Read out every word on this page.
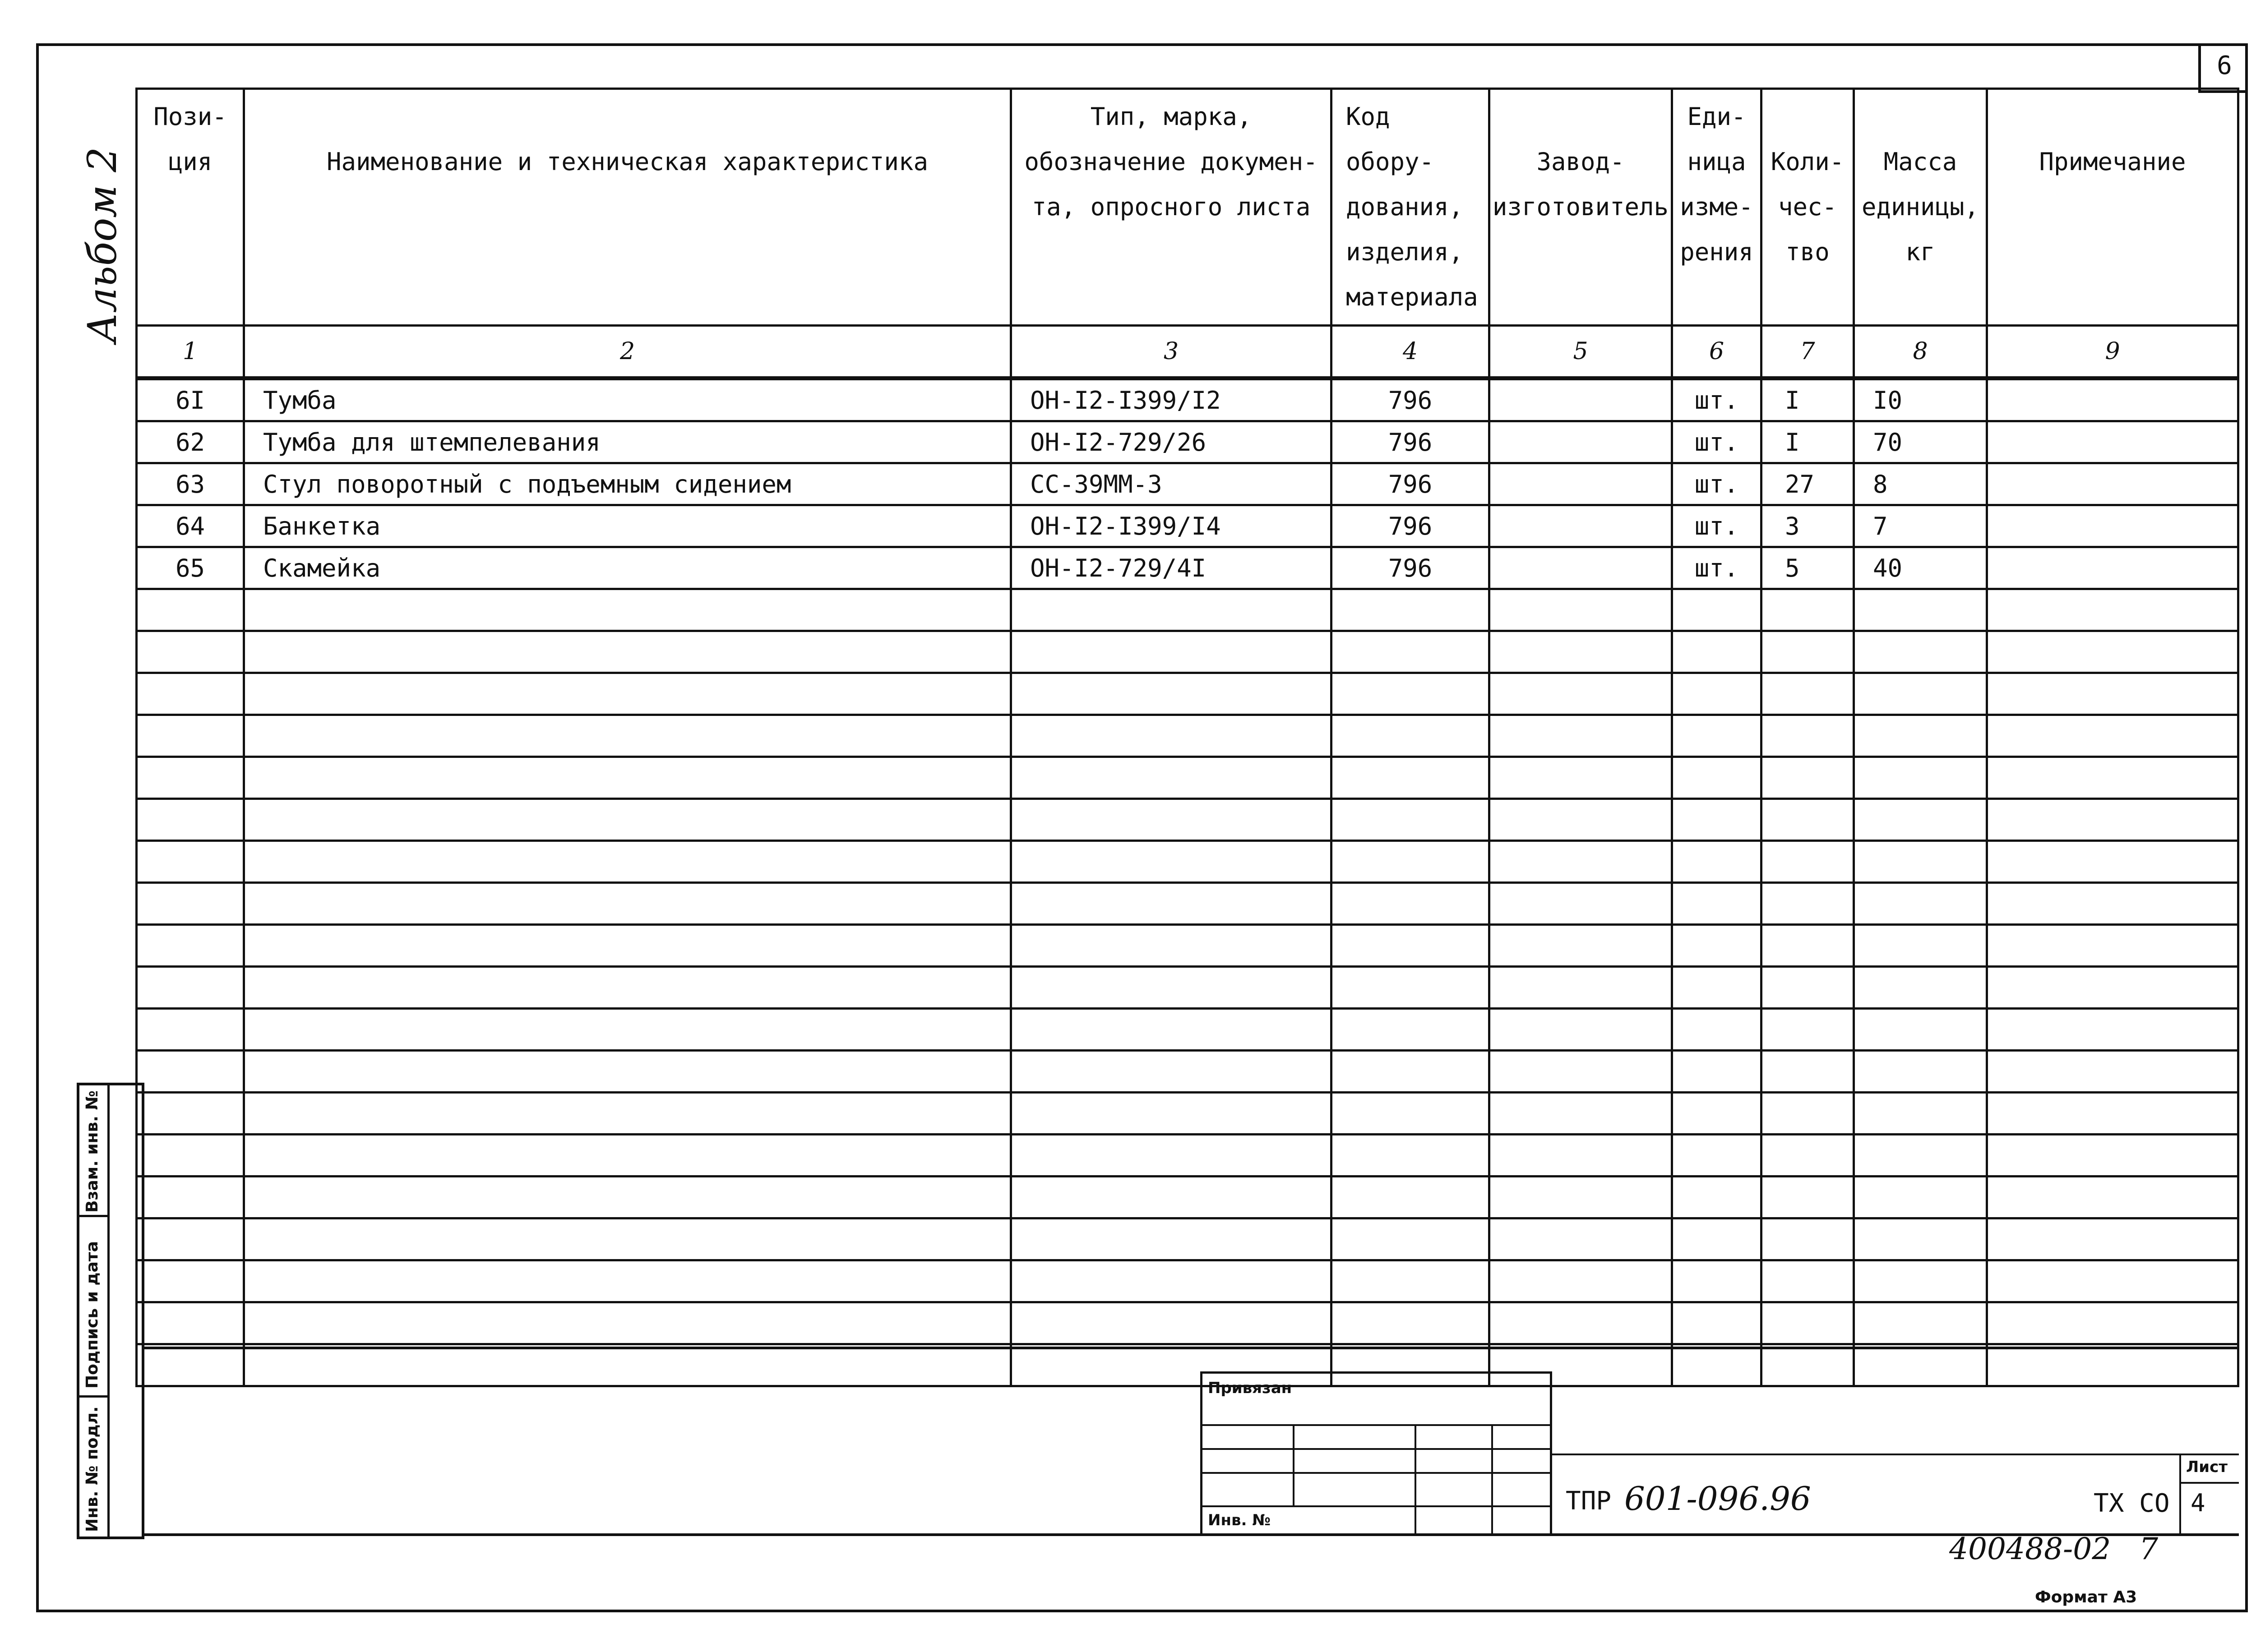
6
Альбом 2
Пози-
ция	Наименование и техническая характеристика	Тип, марка,
обозначение докумен-
та, опросного листа	Код обору-
дования,
изделия,
материала	Завод-
изготовитель	Еди-
ница
изме-
рения	Коли-
чес-
тво	Масса
единицы,
кг	Примечание

1	2	3	4	5	6	7	8	9
6I	Тумба	ОН-I2-I399/I2	796		шт.	I	I0	
62	Тумба для штемпелевания	ОН-I2-729/26	796		шт.	I	70	
63	Стул поворотный с подъемным сидением	СС-39ММ-3	796		шт.	27	8	
64	Банкетка	ОН-I2-I399/I4	796		шт.	3	7	
65	Скамейка	ОН-I2-729/4I	796		шт.	5	40	

Взам. инв. №
Подпись и дата
Инв. № подл.
Привязан
Инв. №
Лист
4
ТПР 601-096.96	ТХ СО
400488-02   7
Формат А3
